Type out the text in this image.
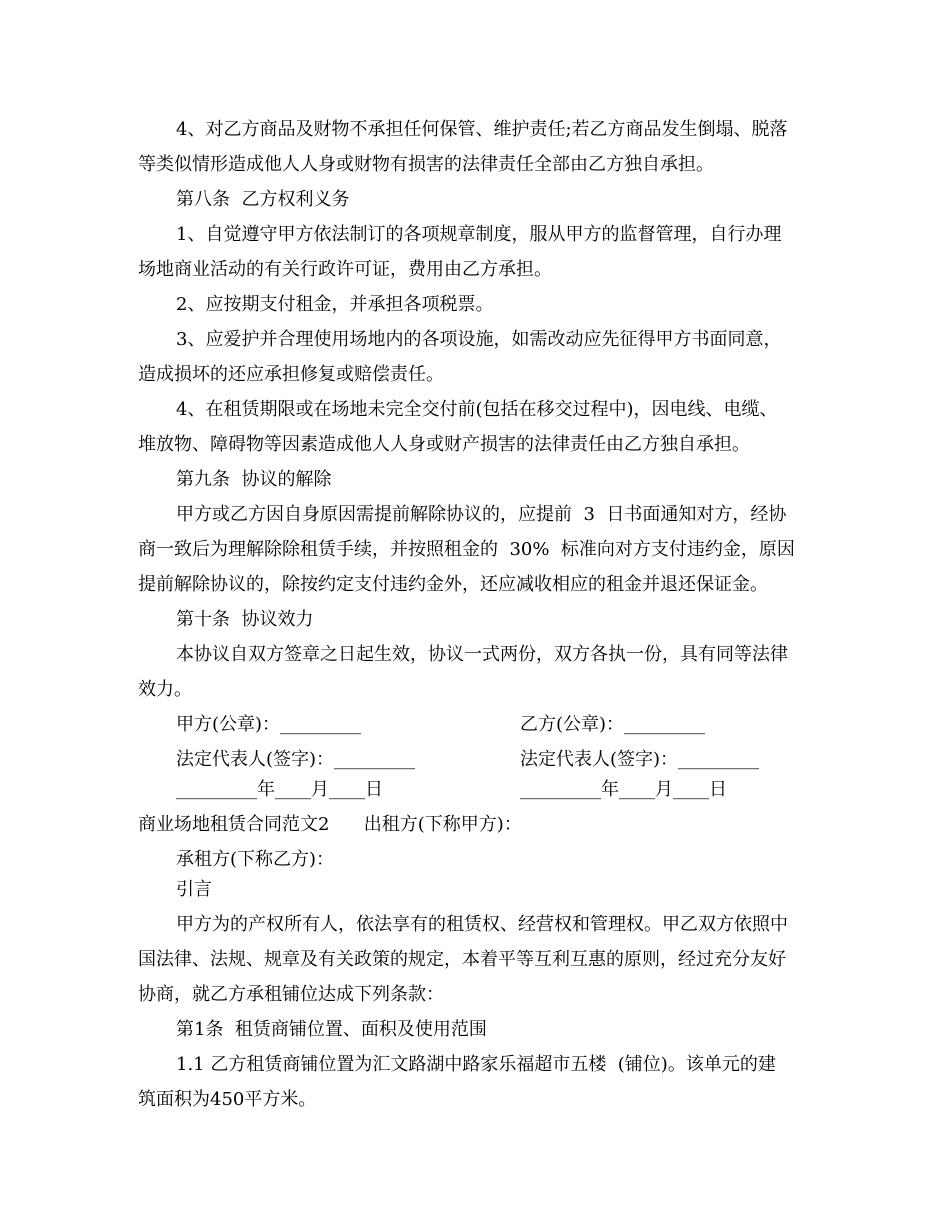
4、对乙方商品及财物不承担任何保管、维护责任;若乙方商品发生倒塌、脱落
等类似情形造成他人人身或财物有损害的法律责任全部由乙方独自承担。
第八条  乙方权利义务
1、自觉遵守甲方依法制订的各项规章制度，服从甲方的监督管理，自行办理
场地商业活动的有关行政许可证，费用由乙方承担。
2、应按期支付租金，并承担各项税票。
3、应爱护并合理使用场地内的各项设施，如需改动应先征得甲方书面同意，
造成损坏的还应承担修复或赔偿责任。
4、在租赁期限或在场地未完全交付前(包括在移交过程中)，因电线、电缆、
堆放物、障碍物等因素造成他人人身或财产损害的法律责任由乙方独自承担。
第九条  协议的解除
甲方或乙方因自身原因需提前解除协议的，应提前  3  日书面通知对方，经协
商一致后为理解除除租赁手续，并按照租金的  30%  标准向对方支付违约金，原因
提前解除协议的，除按约定支付违约金外，还应减收相应的租金并退还保证金。
第十条  协议效力
本协议自双方签章之日起生效，协议一式两份，双方各执一份，具有同等法律
效力。
甲方(公章)：_________	乙方(公章)：_________
法定代表人(签字)：_________	法定代表人(签字)：_________
_________年____月____日	_________年____月____日
商业场地租赁合同范文2      出租方(下称甲方)：
承租方(下称乙方)：
引言
甲方为的产权所有人，依法享有的租赁权、经营权和管理权。甲乙双方依照中
国法律、法规、规章及有关政策的规定，本着平等互利互惠的原则，经过充分友好
协商，就乙方承租铺位达成下列条款：
第1条  租赁商铺位置、面积及使用范围
1.1 乙方租赁商铺位置为汇文路湖中路家乐福超市五楼  (铺位)。该单元的建
筑面积为450平方米。
